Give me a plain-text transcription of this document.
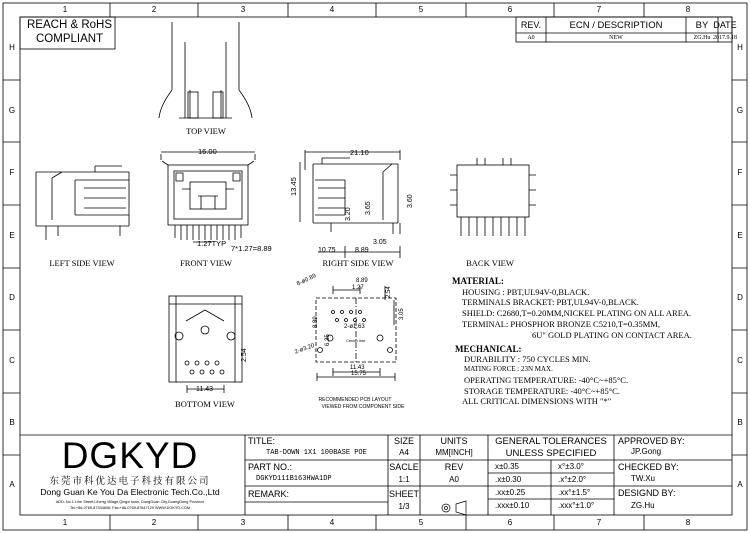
REACH & RoHS
COMPLIANT
REV.	ECN / DESCRIPTION	BY DATE
A0	NEW	ZG.Hu 2017.9.18
TOP VIEW
LEFT SIDE VIEW	FRONT VIEW	RIGHT SIDE VIEW	BACK VIEW
BOTTOM VIEW	RECOMMENDED PCB LAYOUT
VIEWED FROM COMPONENT SIDE
16.00
1.27TYP
7*1.27=8.89
21.10
13.45
3.20 3.65
3.60
10.75	8.89
3.05
2.54
11.43
8.89
1.27
8-ø0.89
2.54
3.05
8.89	2-ø1.63
6.35
2-ø3.20
Center line
11.43
15.75
MATERIAL:
HOUSING : PBT,UL94V-0,BLACK.
TERMINALS BRACKET: PBT,UL94V-0,BLACK.
SHIELD: C2680,T=0.20MM,NICKEL PLATING ON ALL AREA.
TERMINAL: PHOSPHOR BRONZE C5210,T=0.35MM,
6U" GOLD PLATING ON CONTACT AREA.
MECHANICAL:
DURABILITY : 750 CYCLES MIN.
MATING FORCE : 23N MAX.
OPERATING TEMPERATURE: -40°C~+85°C.
STORAGE TEMPERATURE: -40°C~+85°C.
ALL CRITICAL DIMENSIONS WITH "*"
DGKYD
东莞市科优达电子科技有限公司
Dong Guan Ke You Da Electronic Tech.Co.,Ltd
ADD: No.1 Lihe Street,Liheng Village,Qingxi town, DongGuan City,GuangDong Province
Tel:+86-0769-87334606; Fax:+86-0769-87647129 WWW.DGKYD.COM
TITLE:
TAB-DOWN 1X1 100BASE POE
PART NO.:
DGKYD111B163HWA1DP
REMARK:
SIZE
A4
UNITS
MM[INCH]
SACLE
1:1
REV
A0
SHEET
1/3
GENERAL TOLERANCES
UNLESS SPECIFIED
x±0.35	x°±3.0°
.x±0.30	.x°±2.0°
.xx±0.25	.xx°±1.5°
.xxx±0.10	.xxx°±1.0°
APPROVED BY:
JP.Gong
CHECKED BY:
TW.Xu
DESIGND BY:
ZG.Hu
1
1
2
2
3
3
4
4
5
5
6
6
7
7
8
8
H	H
G	G
F	F
E	E
D	D
C	C
B	B
A	A
